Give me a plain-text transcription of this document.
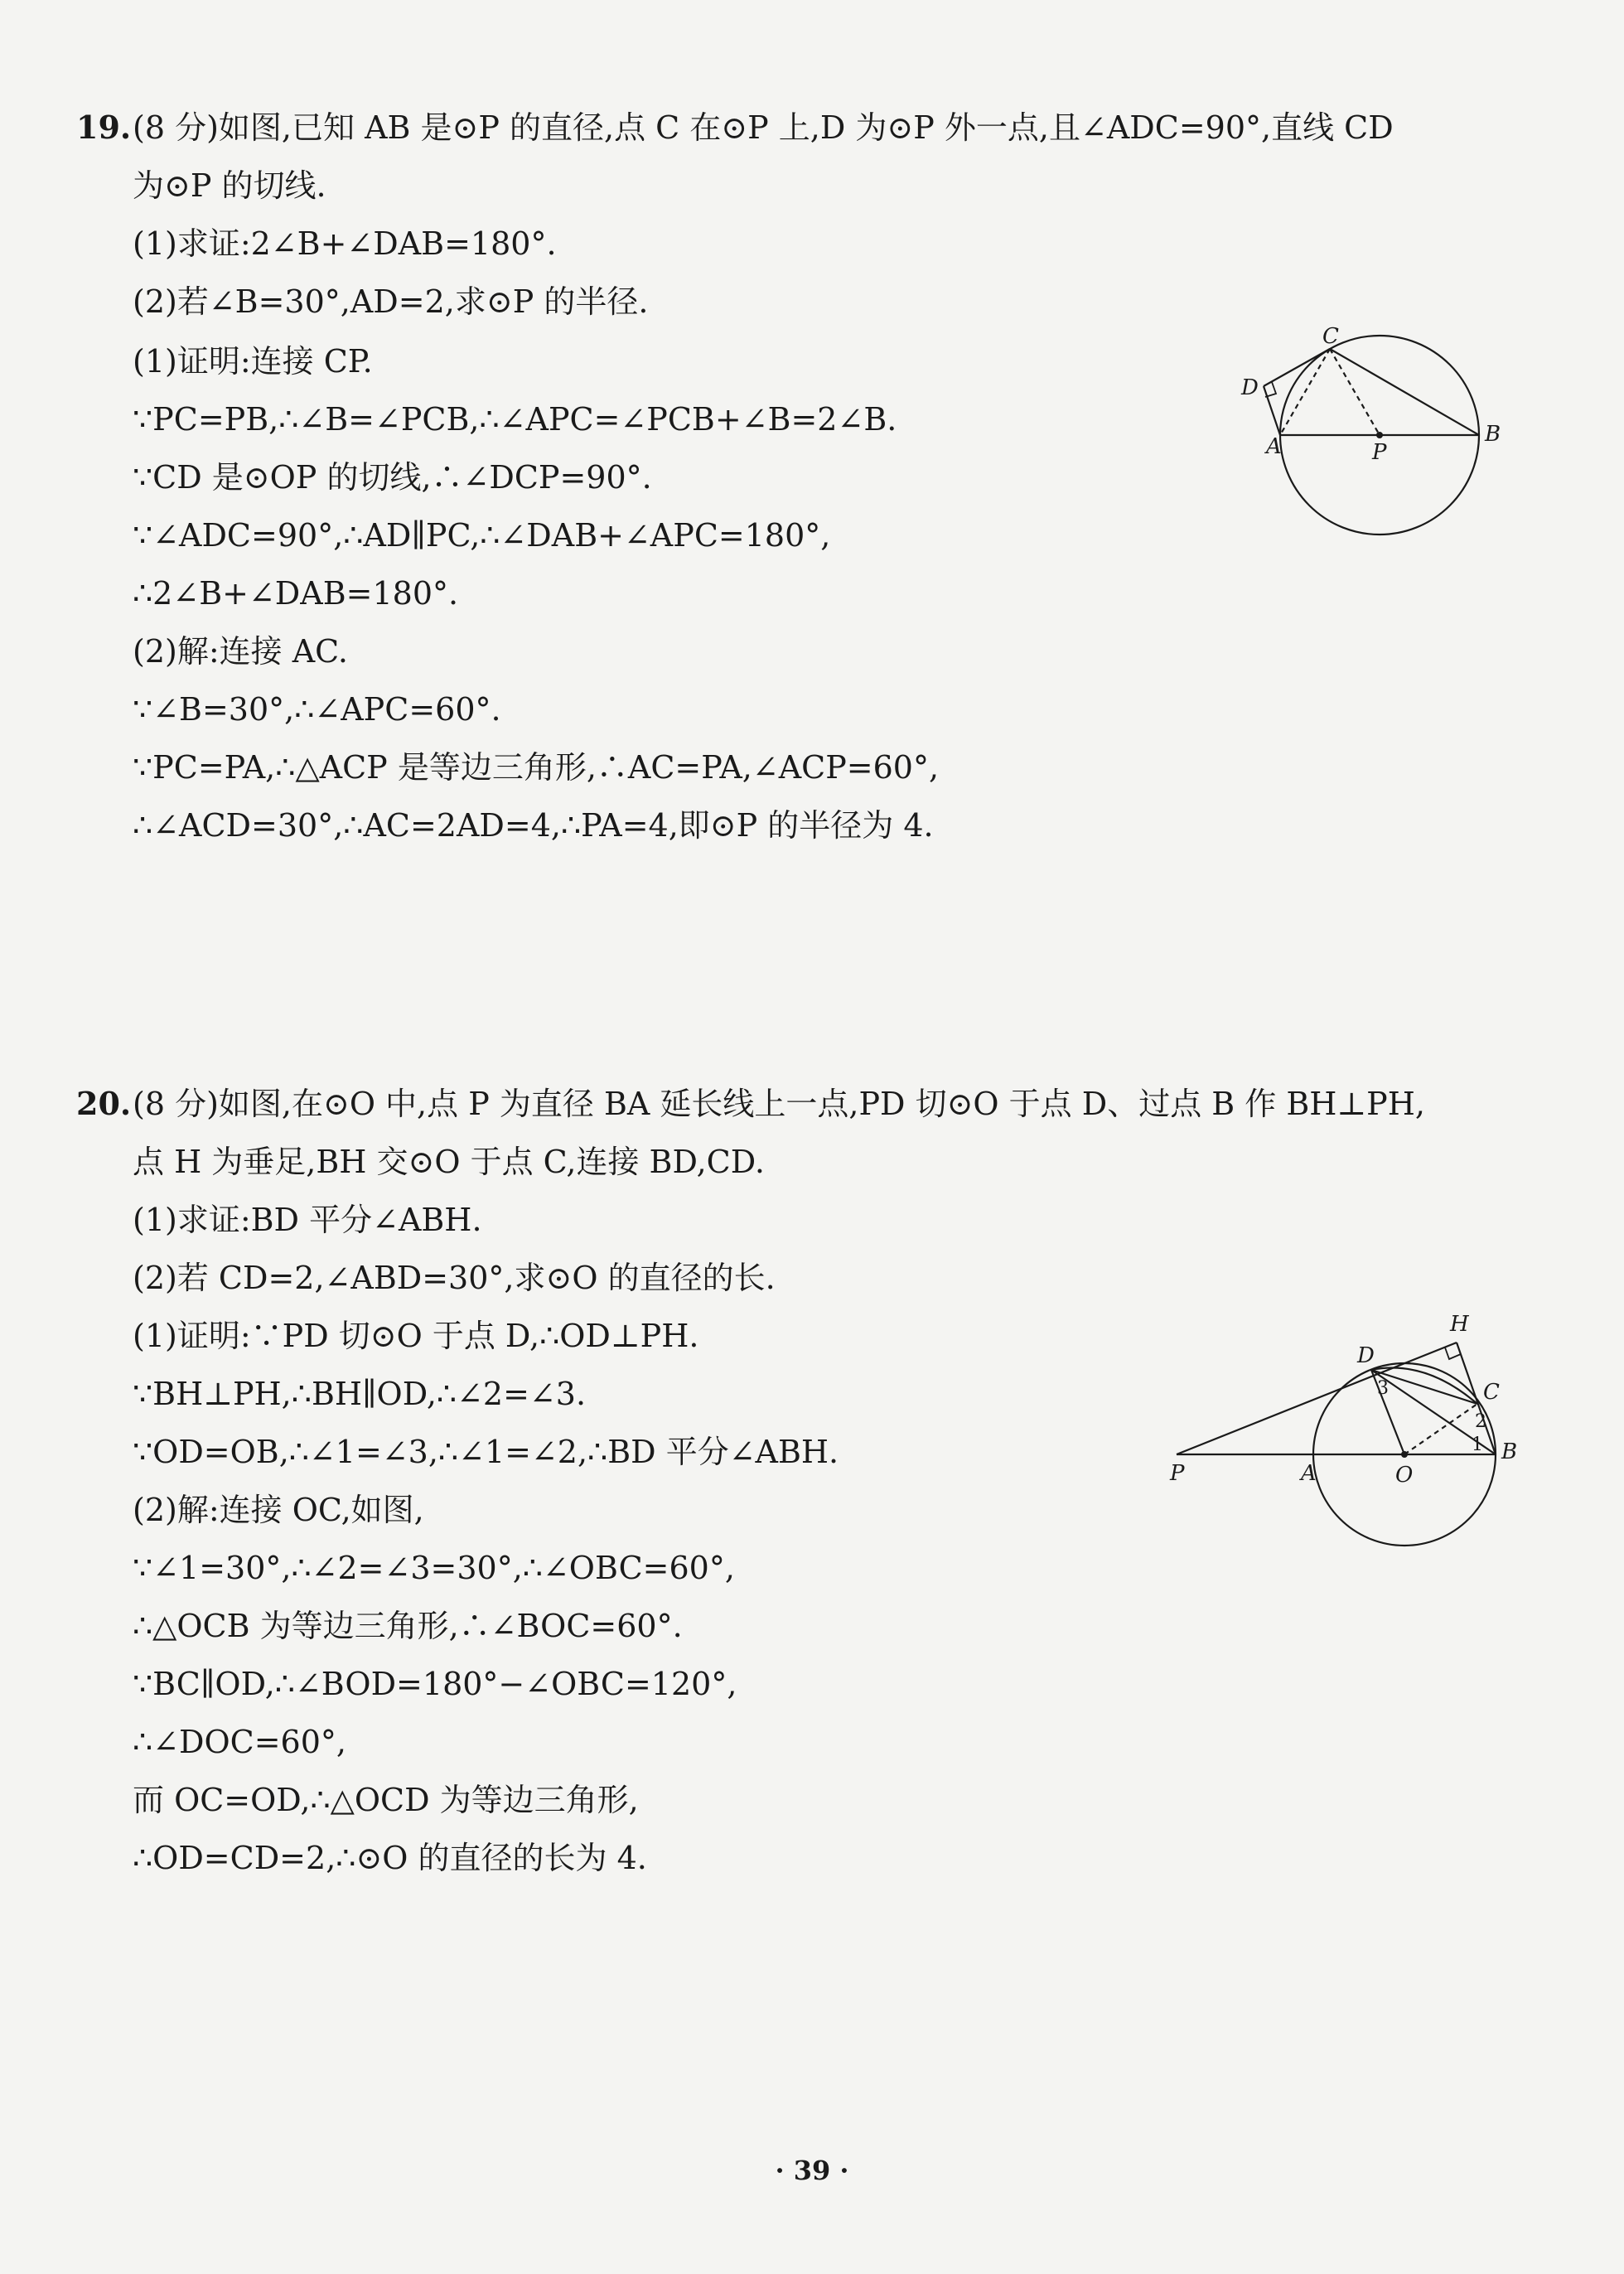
19. (8 分)如图,已知 AB 是⊙P 的直径,点 C 在⊙P 上,D 为⊙P 外一点,且∠ADC=90°,直线 CD
为⊙P 的切线.
(1)求证:2∠B+∠DAB=180°.
(2)若∠B=30°,AD=2,求⊙P 的半径.
(1)证明:连接 CP.
∵PC=PB,∴∠B=∠PCB,∴∠APC=∠PCB+∠B=2∠B.
∵CD 是⊙OP 的切线,∴∠DCP=90°.
∵∠ADC=90°,∴AD∥PC,∴∠DAB+∠APC=180°,
∴2∠B+∠DAB=180°.
(2)解:连接 AC.
∵∠B=30°,∴∠APC=60°.
∵PC=PA,∴△ACP 是等边三角形,∴AC=PA,∠ACP=60°,
∴∠ACD=30°,∴AC=2AD=4,∴PA=4,即⊙P 的半径为 4.
C
D
A	P
B
20. (8 分)如图,在⊙O 中,点 P 为直径 BA 延长线上一点,PD 切⊙O 于点 D、过点 B 作 BH⊥PH,
点 H 为垂足,BH 交⊙O 于点 C,连接 BD,CD.
(1)求证:BD 平分∠ABH.
(2)若 CD=2,∠ABD=30°,求⊙O 的直径的长.
(1)证明:∵PD 切⊙O 于点 D,∴OD⊥PH.
∵BH⊥PH,∴BH∥OD,∴∠2=∠3.
∵OD=OB,∴∠1=∠3,∴∠1=∠2,∴BD 平分∠ABH.
(2)解:连接 OC,如图,
∵∠1=30°,∴∠2=∠3=30°,∴∠OBC=60°,
∴△OCB 为等边三角形,∴∠BOC=60°.
∵BC∥OD,∴∠BOD=180°−∠OBC=120°,
∴∠DOC=60°,
而 OC=OD,∴△OCD 为等边三角形,
∴OD=CD=2,∴⊙O 的直径的长为 4.
H
D
C
P	A	O
B
1
2
3
· 39 ·
